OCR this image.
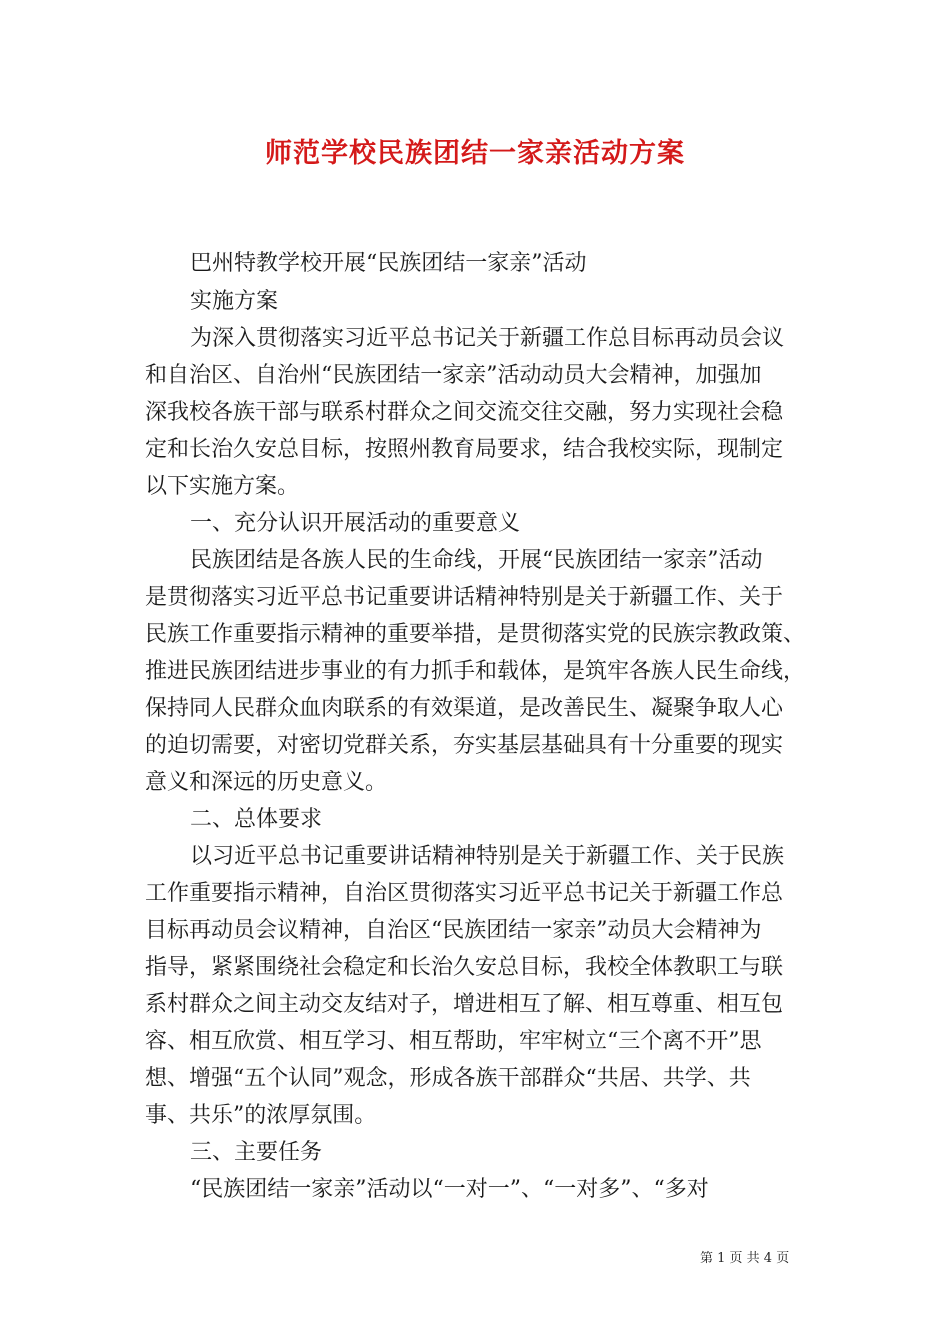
师范学校民族团结一家亲活动方案
巴州特教学校开展“民族团结一家亲”活动
实施方案
为深入贯彻落实习近平总书记关于新疆工作总目标再动员会议
和自治区、自治州“民族团结一家亲”活动动员大会精神，加强加
深我校各族干部与联系村群众之间交流交往交融，努力实现社会稳
定和长治久安总目标，按照州教育局要求，结合我校实际，现制定
以下实施方案。
一、充分认识开展活动的重要意义
民族团结是各族人民的生命线，开展“民族团结一家亲”活动
是贯彻落实习近平总书记重要讲话精神特别是关于新疆工作、关于
民族工作重要指示精神的重要举措，是贯彻落实党的民族宗教政策、
推进民族团结进步事业的有力抓手和载体，是筑牢各族人民生命线，
保持同人民群众血肉联系的有效渠道，是改善民生、凝聚争取人心
的迫切需要，对密切党群关系，夯实基层基础具有十分重要的现实
意义和深远的历史意义。
二、总体要求
以习近平总书记重要讲话精神特别是关于新疆工作、关于民族
工作重要指示精神，自治区贯彻落实习近平总书记关于新疆工作总
目标再动员会议精神，自治区“民族团结一家亲”动员大会精神为
指导，紧紧围绕社会稳定和长治久安总目标，我校全体教职工与联
系村群众之间主动交友结对子，增进相互了解、相互尊重、相互包
容、相互欣赏、相互学习、相互帮助，牢牢树立“三个离不开”思
想、增强“五个认同”观念，形成各族干部群众“共居、共学、共
事、共乐”的浓厚氛围。
三、主要任务
“民族团结一家亲”活动以“一对一”、“一对多”、“多对
第 1 页 共 4 页
